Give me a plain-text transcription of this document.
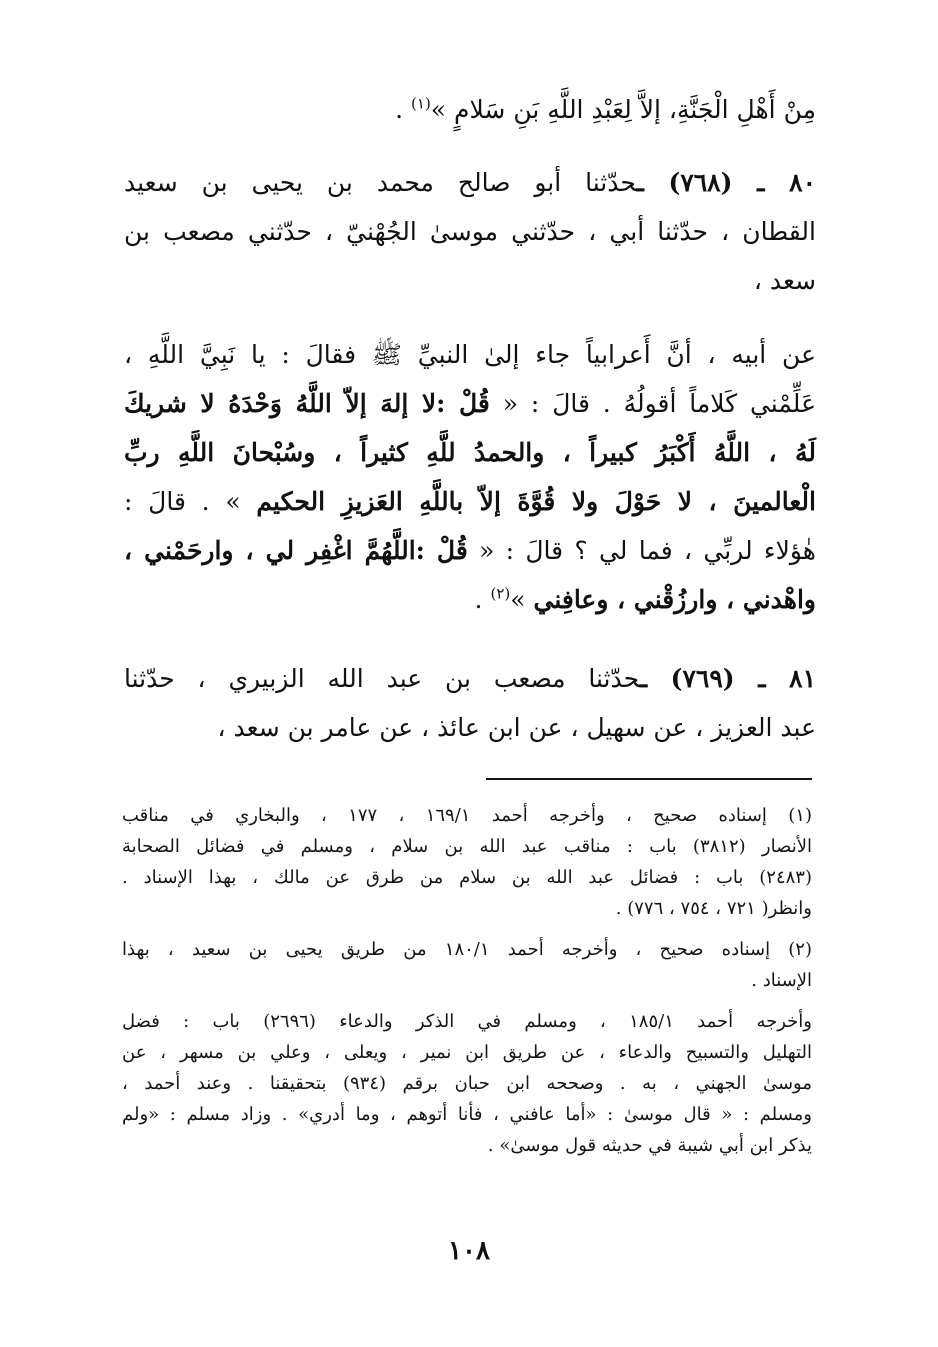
مِنْ أَهْلِ الْجَنَّةِ، إلاَّ لِعَبْدِ اللَّهِ بَنِ سَلامٍ »$^{(١)}$ .
٨٠ ـ (٧٦٨) ـحدّثنا أبو صالح محمد بن يحيى بن سعيد
القطان ، حدّثنا أبي ، حدّثني موسىٰ الجُهْنيّ ، حدّثني مصعب بن
سعد ،
عن أبيه ، أنَّ أَعرابياً جاء إلىٰ النبيِّ ﷺ فقالَ : يا نَبِيَّ اللَّهِ ،
عَلِّمْني كَلاماً أقولُهُ . قالَ : « قُلْ :لا إلهَ إلاّ اللَّهُ وَحْدَهُ لا شريكَ
لَهُ ، اللَّهُ أَكْبَرُ كبيراً ، والحمدُ للَّهِ كثيراً ، وسُبْحانَ اللَّهِ ربِّ
الْعالمينَ ، لا حَوْلَ ولا قُوَّةَ إلاّ باللَّهِ العَزيزِ الحكيم » . قالَ :
هٰؤلاء لربِّي ، فما لي ؟ قالَ : « قُلْ :اللَّهُمَّ اغْفِر لي ، وارحَمْني ،
واهْدني ، وارزُقْني ، وعافِني »$^{(٢)}$ .
٨١ ـ (٧٦٩) ـحدّثنا مصعب بن عبد الله الزبيري ، حدّثنا
عبد العزيز ، عن سهيل ، عن ابن عائذ ، عن عامر بن سعد ،
(١) إسناده صحيح ، وأخرجه أحمد ١٦٩/١ ، ١٧٧ ، والبخاري في مناقب
الأنصار (٣٨١٢) باب : مناقب عبد الله بن سلام ، ومسلم في فضائل الصحابة
(٢٤٨٣) باب : فضائل عبد الله بن سلام من طرق عن مالك ، بهذا الإسناد .
وانظر( ٧٢١ ، ٧٥٤ ، ٧٧٦) .
(٢) إسناده صحيح ، وأخرجه أحمد ١٨٠/١ من طريق يحيى بن سعيد ، بهذا
الإسناد .
وأخرجه أحمد ١٨٥/١ ، ومسلم في الذكر والدعاء (٢٦٩٦) باب : فضل
التهليل والتسبيح والدعاء ، عن طريق ابن نمير ، ويعلى ، وعلي بن مسهر ، عن
موسىٰ الجهني ، به . وصححه ابن حبان برقم (٩٣٤) بتحقيقنا . وعند أحمد ،
ومسلم : « قال موسىٰ : «أما عافني ، فأنا أتوهم ، وما أدري» . وزاد مسلم : «ولم
يذكر ابن أبي شيبة في حديثه قول موسىٰ» .
١٠٨
